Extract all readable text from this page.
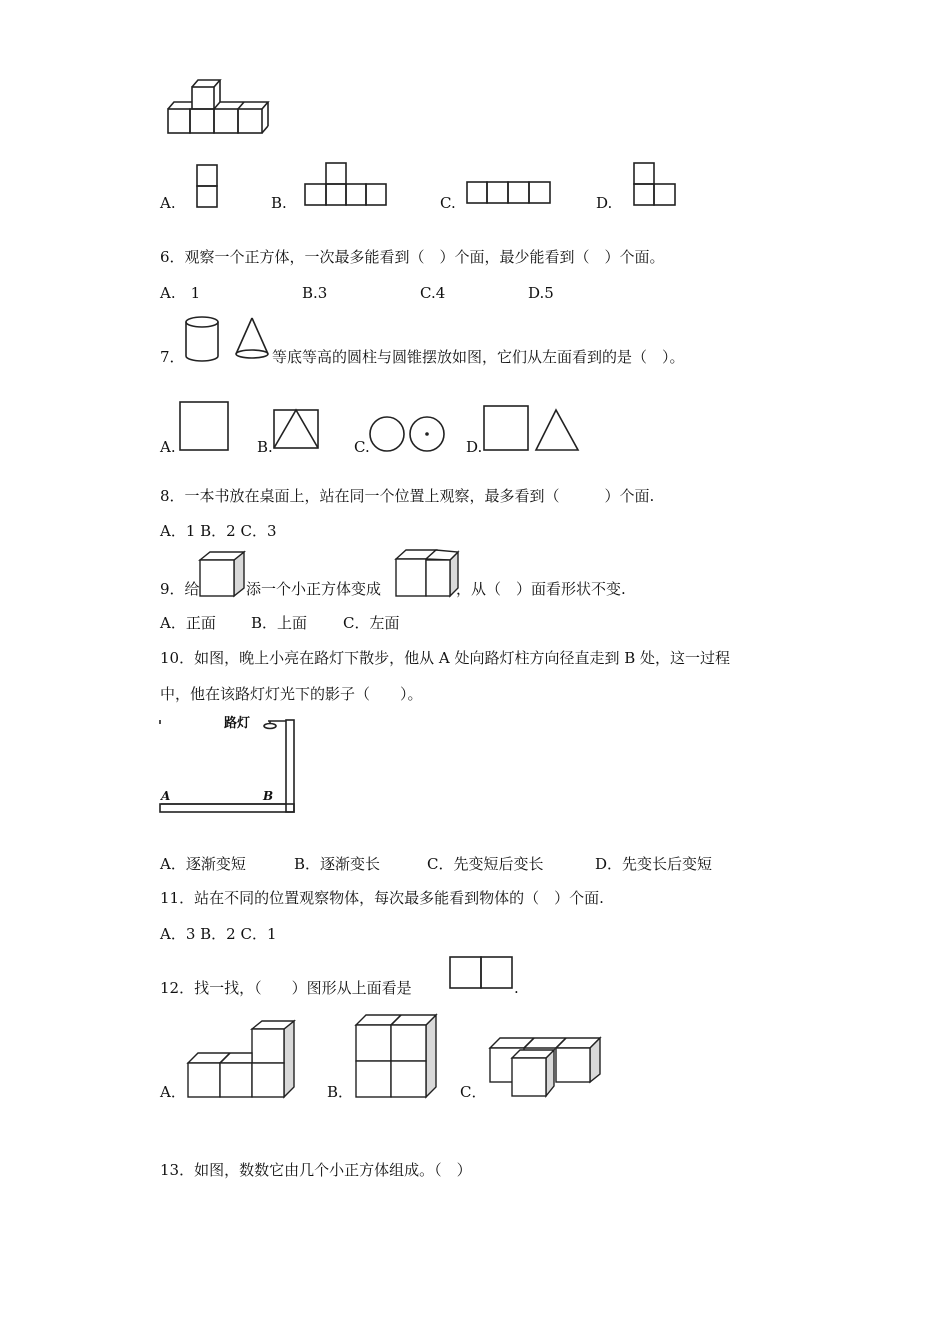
A.	B.	C.	D.
6．观察一个正方体，一次最多能看到（　）个面，最少能看到（　）个面。
A.　1	B.3	C.4	D.5
7．	等底等高的圆柱与圆锥摆放如图，它们从左面看到的是（　）。
A.	B.	C.	D.
8．一本书放在桌面上，站在同一个位置上观察，最多看到（　　　）个面.
A．1 B．2 C．3
9．给	添一个小正方体变成	，从（　）面看形状不变.
A．正面 B．上面 C．左面
10．如图，晚上小亮在路灯下散步，他从 A 处向路灯柱方向径直走到 B 处，这一过程
中，他在该路灯灯光下的影子（　　）。
路灯
A	B
A．逐渐变短	B．逐渐变长	C．先变短后变长	D．先变长后变短
11．站在不同的位置观察物体，每次最多能看到物体的（　）个面.
A．3 B．2 C．1
12．找一找，（　　）图形从上面看是	.
A．	B．	C．
13．如图，数数它由几个小正方体组成。（　）
